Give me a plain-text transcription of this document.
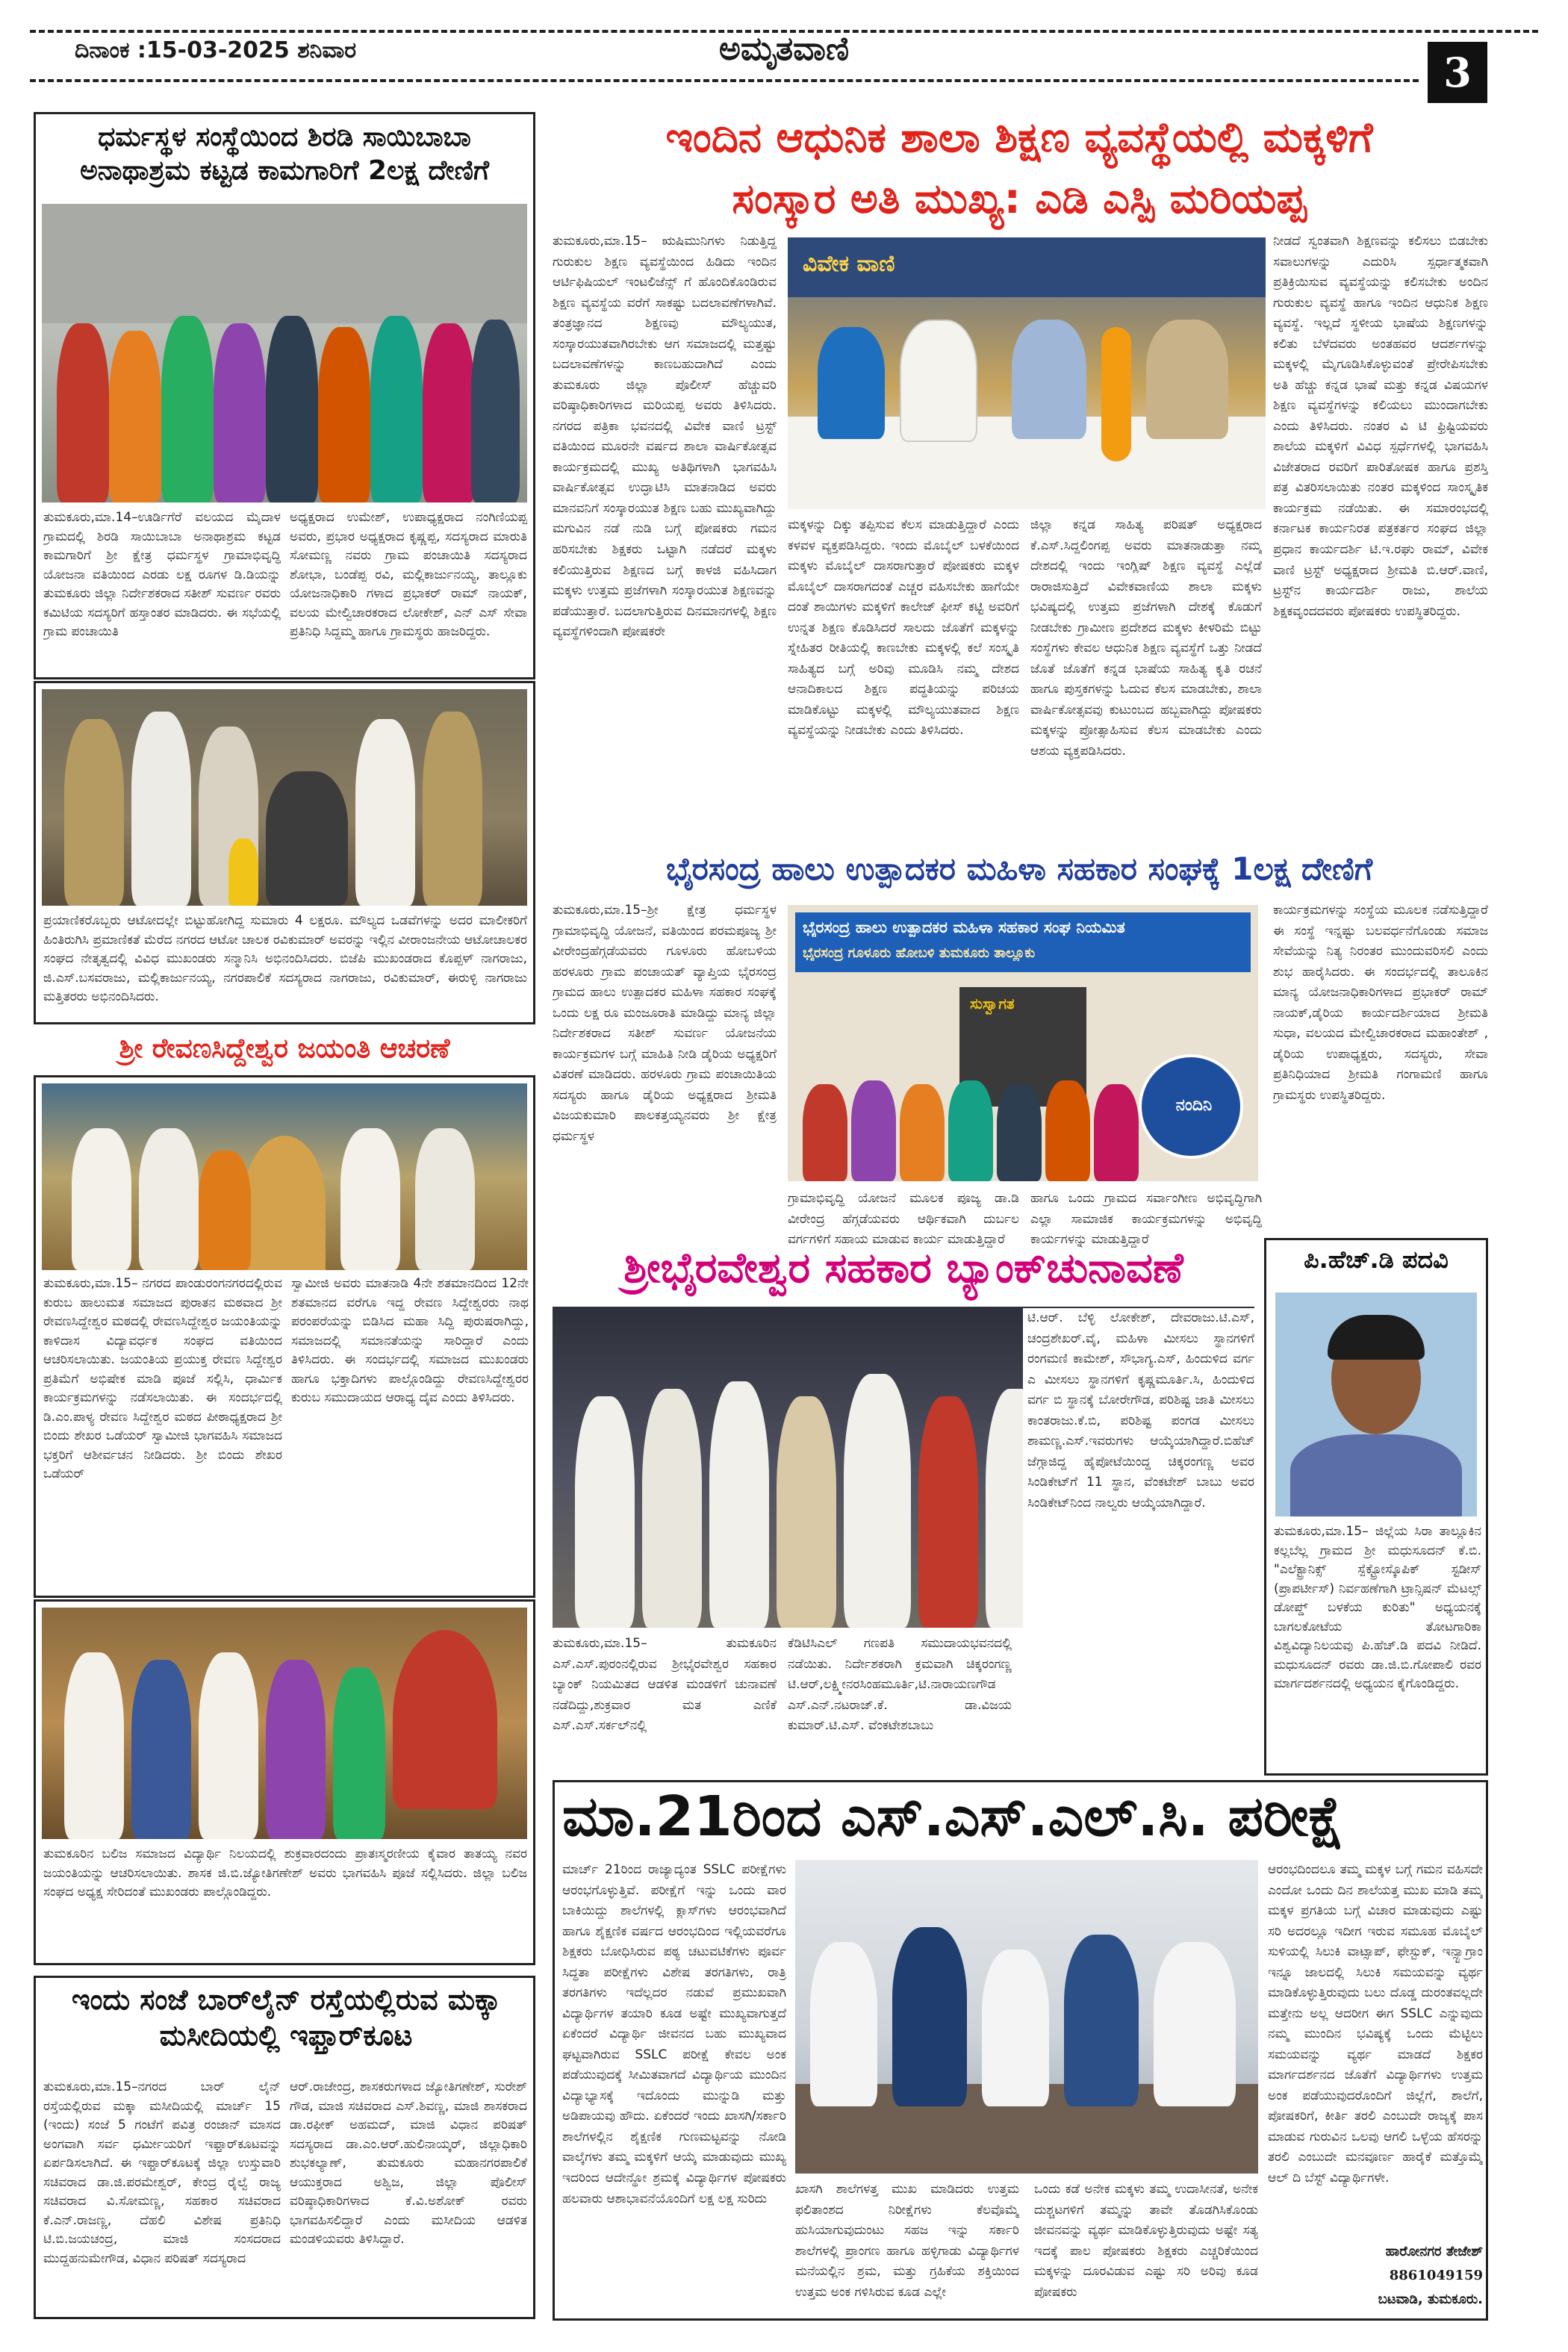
ದಿನಾಂಕ :15-03-2025 ಶನಿವಾರ	ಅಮೃತವಾಣಿ	3
ಧರ್ಮಸ್ಥಳ ಸಂಸ್ಥೆಯಿಂದ ಶಿರಡಿ ಸಾಯಿಬಾಬಾ ಅನಾಥಾಶ್ರಮ ಕಟ್ಟಡ ಕಾಮಗಾರಿಗೆ 2ಲಕ್ಷ ದೇಣಿಗೆ
ತುಮಕೂರು,ಮಾ.14–ಊರ್ಡಿಗೆರೆ ವಲಯದ ಮೈದಾಳ ಗ್ರಾಮದಲ್ಲಿ ಶಿರಡಿ ಸಾಯಿಬಾಬಾ ಅನಾಥಾಶ್ರಮ ಕಟ್ಟಡ ಕಾಮಗಾರಿಗೆ ಶ್ರೀ ಕ್ಷೇತ್ರ ಧರ್ಮಸ್ಥಳ ಗ್ರಾಮಾಭಿವೃದ್ಧಿ ಯೋಜನಾ ವತಿಯಿಂದ ಎರಡು ಲಕ್ಷ ರೂಗಳ ಡಿ.ಡಿಯನ್ನು ತುಮಕೂರು ಜಿಲ್ಲಾ ನಿರ್ದೇಶಕರಾದ ಸತೀಶ್ ಸುವರ್ಣ ರವರು ಕಮಿಟಿಯ ಸದಸ್ಯರಿಗೆ ಹಸ್ತಾಂತರ ಮಾಡಿದರು. ಈ ಸಭೆಯಲ್ಲಿ ಗ್ರಾಮ ಪಂಚಾಯಿತಿ
ಅಧ್ಯಕ್ಷರಾದ ಉಮೇಶ್, ಉಪಾಧ್ಯಕ್ಷರಾದ ನಂಗಿಣಿಯಪ್ಪ ಅವರು, ಪ್ರಭಾರ ಅಧ್ಯಕ್ಷರಾದ ಕೃಷ್ಣಪ್ಪ, ಸದಸ್ಯರಾದ ಮಾರುತಿ ಸೋಮಣ್ಣ ನವರು ಗ್ರಾಮ ಪಂಚಾಯಿತಿ ಸದಸ್ಯರಾದ ಶೋಭಾ, ಬಂಡೆಪ್ಪ ರವಿ, ಮಲ್ಲಿಕಾರ್ಜುನಯ್ಯ, ತಾಲ್ಲೂಕು ಯೋಜನಾಧಿಕಾರಿ ಗಳಾದ ಪ್ರಭಾಕರ್ ರಾಮ್ ನಾಯಕ್, ವಲಯ ಮೇಲ್ವಿಚಾರಕರಾದ ಲೋಕೇಶ್, ಎನ್ ಎಸ್ ಸೇವಾ ಪ್ರತಿನಿಧಿ ಸಿದ್ದಮ್ಮ ಹಾಗೂ ಗ್ರಾಮಸ್ಥರು ಹಾಜರಿದ್ದರು.
ಪ್ರಯಾಣಿಕರೊಬ್ಬರು ಆಟೋದಲ್ಲೇ ಬಿಟ್ಟುಹೋಗಿದ್ದ ಸುಮಾರು 4 ಲಕ್ಷರೂ. ಮೌಲ್ಯದ ಒಡವೆಗಳನ್ನು ಅದರ ಮಾಲೀಕರಿಗೆ ಹಿಂತಿರುಗಿಸಿ ಪ್ರಮಾಣಿಕತೆ ಮೆರೆದ ನಗರದ ಆಟೋ ಚಾಲಕ ರವಿಕುಮಾರ್ ಅವರನ್ನು ಇಲ್ಲಿನ ವೀರಾಂಜನೇಯ ಆಟೋಚಾಲಕರ ಸಂಘದ ನೇತೃತ್ವದಲ್ಲಿ ವಿವಿಧ ಮುಖಂಡರು ಸನ್ಮಾನಿಸಿ ಅಭಿನಂದಿಸಿದರು. ಬಿಜೆಪಿ ಮುಖಂಡರಾದ ಕೊಪ್ಪಳ್ ನಾಗರಾಜು, ಜಿ.ಎಸ್.ಬಸವರಾಜು, ಮಲ್ಲಿಕಾರ್ಜುನಯ್ಯ, ನಗರಪಾಲಿಕೆ ಸದಸ್ಯರಾದ ನಾಗರಾಜು, ರವಿಕುಮಾರ್, ಈರುಳ್ಳಿ ನಾಗರಾಜು ಮತ್ತಿತರರು ಅಭಿನಂದಿಸಿದರು.
ಶ್ರೀ ರೇವಣಸಿದ್ದೇಶ್ವರ ಜಯಂತಿ ಆಚರಣೆ
ತುಮಕೂರು,ಮಾ.15– ನಗರದ ಪಾಂಡುರಂಗನಗರದಲ್ಲಿರುವ ಕುರುಬ ಹಾಲುಮತ ಸಮಾಜದ ಪುರಾತನ ಮಠವಾದ ಶ್ರೀ ರೇವಣಸಿದ್ದೇಶ್ವರ ಮಠದಲ್ಲಿ ರೇವಣಸಿದ್ದೇಶ್ವರ ಜಯಂತಿಯನ್ನು ಕಾಳಿದಾಸ ವಿದ್ಯಾವರ್ಧಕ ಸಂಘದ ವತಿಯಿಂದ ಆಚರಿಸಲಾಯಿತು. ಜಯಂತಿಯ ಪ್ರಯುಕ್ತ ರೇವಣ ಸಿದ್ದೇಶ್ವರ ಪ್ರತಿಮೆಗೆ ಅಭಿಷೇಕ ಮಾಡಿ ಪೂಜೆ ಸಲ್ಲಿಸಿ, ಧಾರ್ಮಿಕ ಕಾರ್ಯಕ್ರಮಗಳನ್ನು ನಡೆಸಲಾಯಿತು. ಈ ಸಂದರ್ಭದಲ್ಲಿ ಡಿ.ಎಂ.ಪಾಳ್ಯ ರೇವಣ ಸಿದ್ದೇಶ್ವರ ಮಠದ ಪೀಠಾಧ್ಯಕ್ಷರಾದ ಶ್ರೀ ಬಿಂದು ಶೇಖರ ಒಡೆಯರ್ ಸ್ವಾಮೀಜಿ ಭಾಗವಹಿಸಿ ಸಮಾಜದ ಭಕ್ತರಿಗೆ ಆಶೀರ್ವಚನ ನೀಡಿದರು. ಶ್ರೀ ಬಿಂದು ಶೇಖರ ಒಡೆಯರ್
ಸ್ವಾಮೀಜಿ ಅವರು ಮಾತನಾಡಿ 4ನೇ ಶತಮಾನದಿಂದ 12ನೇ ಶತಮಾನದ ವರೆಗೂ ಇದ್ದ ರೇವಣ ಸಿದ್ದೇಶ್ವರರು ನಾಥ ಪರಂಪರೆಯನ್ನು ಬಿಡಿಸಿದ ಮಹಾ ಸಿದ್ದಿ ಪುರುಷರಾಗಿದ್ದು, ಸಮಾಜದಲ್ಲಿ ಸಮಾನತೆಯನ್ನು ಸಾರಿದ್ದಾರೆ ಎಂದು ತಿಳಿಸಿದರು. ಈ ಸಂದರ್ಭದಲ್ಲಿ ಸಮಾಜದ ಮುಖಂಡರು ಹಾಗೂ ಭಕ್ತಾದಿಗಳು ಪಾಲ್ಗೊಂಡಿದ್ದು ರೇವಣಸಿದ್ದೇಶ್ವರರ ಕುರುಬ ಸಮುದಾಯದ ಆರಾಧ್ಯ ದೈವ ಎಂದು ತಿಳಿಸಿದರು.
ತುಮಕೂರಿನ ಬಲಿಜ ಸಮಾಜದ ವಿದ್ಯಾರ್ಥಿ ನಿಲಯದಲ್ಲಿ ಶುಕ್ರವಾರದಂದು ಪ್ರಾತಃಸ್ಮರಣೀಯ ಕೈವಾರ ತಾತಯ್ಯ ನವರ ಜಯಂತಿಯನ್ನು ಆಚರಿಸಲಾಯಿತು. ಶಾಸಕ ಜಿ.ಬಿ.ಜ್ಯೋತಿಗಣೇಶ್ ಅವರು ಭಾಗವಹಿಸಿ ಪೂಜೆ ಸಲ್ಲಿಸಿದರು. ಜಿಲ್ಲಾ ಬಲಿಜ ಸಂಘದ ಅಧ್ಯಕ್ಷ ಸೇರಿದಂತೆ ಮುಖಂಡರು ಪಾಲ್ಗೊಂಡಿದ್ದರು.
ಇಂದು ಸಂಜೆ ಬಾರ್‌ಲೈನ್ ರಸ್ತೆಯಲ್ಲಿರುವ ಮಕ್ಕಾ ಮಸೀದಿಯಲ್ಲಿ ಇಫ್ತಾರ್‌ಕೂಟ
ತುಮಕೂರು,ಮಾ.15–ನಗರದ ಬಾರ್ ಲೈನ್ ರಸ್ತೆಯಲ್ಲಿರುವ ಮಕ್ಕಾ ಮಸೀದಿಯಲ್ಲಿ ಮಾರ್ಚ್ 15 (ಇಂದು) ಸಂಜೆ 5 ಗಂಟೆಗೆ ಪವಿತ್ರ ರಂಜಾನ್ ಮಾಸದ ಅಂಗವಾಗಿ ಸರ್ವ ಧರ್ಮೀಯರಿಗೆ ಇಫ್ತಾರ್‌ಕೂಟವನ್ನು ಏರ್ಪಡಿಸಲಾಗಿದೆ. ಈ ಇಫ್ತಾರ್‌ಕೂಟಕ್ಕೆ ಜಿಲ್ಲಾ ಉಸ್ತುವಾರಿ ಸಚಿವರಾದ ಡಾ.ಜಿ.ಪರಮೇಶ್ವರ್, ಕೇಂದ್ರ ರೈಲ್ವೆ ರಾಜ್ಯ ಸಚಿವರಾದ ವಿ.ಸೋಮಣ್ಣ, ಸಹಕಾರ ಸಚಿವರಾದ ಕೆ.ಎನ್.ರಾಜಣ್ಣ, ದೆಹಲಿ ವಿಶೇಷ ಪ್ರತಿನಿಧಿ ಟಿ.ಬಿ.ಜಯಚಂದ್ರ, ಮಾಜಿ ಸಂಸದರಾದ ಮುದ್ದಹನುಮೇಗೌಡ, ವಿಧಾನ ಪರಿಷತ್ ಸದಸ್ಯರಾದ
ಆರ್.ರಾಜೇಂದ್ರ, ಶಾಸಕರುಗಳಾದ ಜ್ಯೋತಿಗಣೇಶ್, ಸುರೇಶ್ ಗೌಡ, ಮಾಜಿ ಸಚಿವರಾದ ಎಸ್.ಶಿವಣ್ಣ, ಮಾಜಿ ಶಾಸಕರಾದ ಡಾ.ರಫೀಕ್ ಅಹಮದ್, ಮಾಜಿ ವಿಧಾನ ಪರಿಷತ್ ಸದಸ್ಯರಾದ ಡಾ.ಎಂ.ಆರ್.ಹುಲಿನಾಯ್ಕರ್, ಜಿಲ್ಲಾಧಿಕಾರಿ ಶುಭಕಲ್ಯಾಣ್, ತುಮಕೂರು ಮಹಾನಗರಪಾಲಿಕೆ ಆಯುಕ್ತರಾದ ಅಶ್ವಿಜ, ಜಿಲ್ಲಾ ಪೊಲೀಸ್ ವರಿಷ್ಠಾಧಿಕಾರಿಗಳಾದ ಕೆ.ವಿ.ಅಶೋಕ್ ರವರು ಭಾಗವಹಿಸಲಿದ್ದಾರೆ ಎಂದು ಮಸೀದಿಯ ಆಡಳಿತ ಮಂಡಳಿಯವರು ತಿಳಿಸಿದ್ದಾರೆ.
ಇಂದಿನ ಆಧುನಿಕ ಶಾಲಾ ಶಿಕ್ಷಣ ವ್ಯವಸ್ಥೆಯಲ್ಲಿ ಮಕ್ಕಳಿಗೆ
ಸಂಸ್ಕಾರ ಅತಿ ಮುಖ್ಯ: ಎಡಿ ಎಸ್ಪಿ ಮರಿಯಪ್ಪ
ತುಮಕೂರು,ಮಾ.15– ಋಷಿಮುನಿಗಳು ನಿಡುತ್ತಿದ್ದ ಗುರುಕುಲ ಶಿಕ್ಷಣ ವ್ಯವಸ್ಥೆಯಿಂದ ಹಿಡಿದು ಇಂದಿನ ಆರ್ಟಿಫಿಷಿಯಲ್ ಇಂಟಲಿಜೆನ್ಸ್ ಗೆ ಹೊಂದಿಕೊಂಡಿರುವ ಶಿಕ್ಷಣ ವ್ಯವಸ್ಥೆಯ ವರೆಗೆ ಸಾಕಷ್ಟು ಬದಲಾವಣೆಗಳಾಗಿವೆ. ತಂತ್ರಜ್ಞಾನದ ಶಿಕ್ಷಣವು ಮೌಲ್ಯಯುತ, ಸಂಸ್ಕಾರಯುತವಾಗಿರಬೇಕು ಆಗ ಸಮಾಜದಲ್ಲಿ ಮತ್ತಷ್ಟು ಬದಲಾವಣೆಗಳನ್ನು ಕಾಣಬಹುದಾಗಿದೆ ಎಂದು ತುಮಕೂರು ಜಿಲ್ಲಾ ಪೊಲೀಸ್ ಹೆಚ್ಚುವರಿ ವರಿಷ್ಠಾಧಿಕಾರಿಗಳಾದ ಮರಿಯಪ್ಪ ಅವರು ತಿಳಿಸಿದರು. ನಗರದ ಪತ್ರಿಕಾ ಭವನದಲ್ಲಿ ವಿವೇಕ ವಾಣಿ ಟ್ರಸ್ಟ್ ವತಿಯಿಂದ ಮೂರನೇ ವರ್ಷದ ಶಾಲಾ ವಾರ್ಷಿಕೋತ್ಸವ ಕಾರ್ಯಕ್ರಮದಲ್ಲಿ ಮುಖ್ಯ ಅತಿಥಿಗಳಾಗಿ ಭಾಗವಹಿಸಿ ವಾರ್ಷಿಕೋತ್ಸವ ಉದ್ಘಾಟಿಸಿ ಮಾತನಾಡಿದ ಅವರು ಮಾನವನಿಗೆ ಸಂಸ್ಕಾರಯುತ ಶಿಕ್ಷಣ ಬಹು ಮುಖ್ಯವಾಗಿದ್ದು ಮಗುವಿನ ನಡೆ ನುಡಿ ಬಗ್ಗೆ ಪೋಷಕರು ಗಮನ ಹರಿಸಬೇಕು ಶಿಕ್ಷಕರು ಒಟ್ಟಾಗಿ ನಡೆದರೆ ಮಕ್ಕಳು ಕಲಿಯುತ್ತಿರುವ ಶಿಕ್ಷಣದ ಬಗ್ಗೆ ಕಾಳಜಿ ವಹಿಸಿದಾಗ ಮಕ್ಕಳು ಉತ್ತಮ ಪ್ರಜೆಗಳಾಗಿ ಸಂಸ್ಕಾರಯುತ ಶಿಕ್ಷಣವನ್ನು ಪಡೆಯುತ್ತಾರೆ. ಬದಲಾಗುತ್ತಿರುವ ದಿನಮಾನಗಳಲ್ಲಿ ಶಿಕ್ಷಣ ವ್ಯವಸ್ಥೆಗಳಿಂದಾಗಿ ಪೋಷಕರೇ
ವಿವೇಕ ವಾಣಿ
ಮಕ್ಕಳನ್ನು ದಿಕ್ಕು ತಪ್ಪಿಸುವ ಕೆಲಸ ಮಾಡುತ್ತಿದ್ದಾರೆ ಎಂದು ಕಳವಳ ವ್ಯಕ್ತಪಡಿಸಿದ್ದರು. ಇಂದು ಮೊಬೈಲ್ ಬಳಕೆಯಿಂದ ಮಕ್ಕಳು ಮೊಬೈಲ್ ದಾಸರಾಗುತ್ತಾರೆ ಪೋಷಕರು ಮಕ್ಕಳ ಮೊಬೈಲ್ ದಾಸರಾಗದಂತೆ ಎಚ್ಚರ ವಹಿಸಬೇಕು ಹಾಗೆಯೇ ದಂತೆ ಶಾಯಿಗಳು ಮಕ್ಕಳಿಗೆ ಕಾಲೇಜ್ ಫೀಸ್ ಕಟ್ಟಿ ಅವರಿಗೆ ಉನ್ನತ ಶಿಕ್ಷಣ ಕೊಡಿಸಿದರೆ ಸಾಲದು ಜೊತೆಗೆ ಮಕ್ಕಳನ್ನು ಸ್ನೇಹಿತರ ರೀತಿಯಲ್ಲಿ ಕಾಣಬೇಕು ಮಕ್ಕಳಲ್ಲಿ ಕಲೆ ಸಂಸ್ಕೃತಿ ಸಾಹಿತ್ಯದ ಬಗ್ಗೆ ಅರಿವು ಮೂಡಿಸಿ ನಮ್ಮ ದೇಶದ ಆನಾದಿಕಾಲದ ಶಿಕ್ಷಣ ಪದ್ಧತಿಯನ್ನು ಪರಿಚಯ ಮಾಡಿಕೊಟ್ಟು ಮಕ್ಕಳಲ್ಲಿ ಮೌಲ್ಯಯುತವಾದ ಶಿಕ್ಷಣ ವ್ಯವಸ್ಥೆಯನ್ನು ನೀಡಬೇಕು ಎಂದು ತಿಳಿಸಿದರು.
ಜಿಲ್ಲಾ ಕನ್ನಡ ಸಾಹಿತ್ಯ ಪರಿಷತ್ ಅಧ್ಯಕ್ಷರಾದ ಕೆ.ಎಸ್.ಸಿದ್ದಲಿಂಗಪ್ಪ ಅವರು ಮಾತನಾಡುತ್ತಾ ನಮ್ಮ ದೇಶದಲ್ಲಿ ಇಂದು ಇಂಗ್ಲಿಷ್ ಶಿಕ್ಷಣ ವ್ಯವಸ್ಥೆ ಎಲ್ಲೆಡೆ ರಾರಾಜಿಸುತ್ತಿದೆ ವಿವೇಕವಾಣಿಯ ಶಾಲಾ ಮಕ್ಕಳು ಭವಿಷ್ಯದಲ್ಲಿ ಉತ್ತಮ ಪ್ರಜೆಗಳಾಗಿ ದೇಶಕ್ಕೆ ಕೊಡುಗೆ ನೀಡಬೇಕು ಗ್ರಾಮೀಣ ಪ್ರದೇಶದ ಮಕ್ಕಳು ಕೀಳರಿಮೆ ಬಿಟ್ಟು ಸಂಸ್ಥೆಗಳು ಕೇವಲ ಆಧುನಿಕ ಶಿಕ್ಷಣ ವ್ಯವಸ್ಥೆಗೆ ಒತ್ತು ನೀಡದೆ ಜೊತೆ ಜೊತೆಗೆ ಕನ್ನಡ ಭಾಷೆಯ ಸಾಹಿತ್ಯ ಕೃತಿ ರಚನೆ ಹಾಗೂ ಪುಸ್ತಕಗಳನ್ನು ಓದುವ ಕೆಲಸ ಮಾಡಬೇಕು, ಶಾಲಾ ವಾರ್ಷಿಕೋತ್ಸವವು ಕುಟುಂಬದ ಹಬ್ಬವಾಗಿದ್ದು ಪೋಷಕರು ಮಕ್ಕಳನ್ನು ಪ್ರೋತ್ಸಾಹಿಸುವ ಕೆಲಸ ಮಾಡಬೇಕು ಎಂದು ಆಶಯ ವ್ಯಕ್ತಪಡಿಸಿದರು.
ನೀಡದೆ ಸ್ವಂತವಾಗಿ ಶಿಕ್ಷಣವನ್ನು ಕಲಿಸಲು ಬಿಡಬೇಕು ಸವಾಲುಗಳನ್ನು ಎದುರಿಸಿ ಸ್ಪರ್ಧಾತ್ಮಕವಾಗಿ ಪ್ರತಿಕ್ರಿಯಿಸುವ ವ್ಯವಸ್ಥೆಯನ್ನು ಕಲಿಸಬೇಕು ಅಂದಿನ ಗುರುಕುಲ ವ್ಯವಸ್ಥೆ ಹಾಗೂ ಇಂದಿನ ಆಧುನಿಕ ಶಿಕ್ಷಣ ವ್ಯವಸ್ಥೆ. ಇಲ್ಲದೆ ಸ್ಥಳೀಯ ಭಾಷೆಯ ಶಿಕ್ಷಣಗಳನ್ನು ಕಲಿತು ಬೆಳೆದವರು ಅಂತಹವರ ಆದರ್ಶಗಳನ್ನು ಮಕ್ಕಳಲ್ಲಿ ಮೈಗೂಡಿಸಿಕೊಳ್ಳುವಂತೆ ಪ್ರೇರೇಪಿಸಬೇಕು ಅತಿ ಹೆಚ್ಚು ಕನ್ನಡ ಭಾಷೆ ಮತ್ತು ಕನ್ನಡ ವಿಷಯಗಳ ಶಿಕ್ಷಣ ವ್ಯವಸ್ಥೆಗಳನ್ನು ಕಲಿಯಲು ಮುಂದಾಗಬೇಕು ಎಂದು ತಿಳಿಸಿದರು. ನಂತರ ವಿ ಟಿ ಫ್ರಿಷ್ಟಿಯವರು ಶಾಲೆಯ ಮಕ್ಕಳಿಗೆ ವಿವಿಧ ಸ್ಪರ್ಧೆಗಳಲ್ಲಿ ಭಾಗವಹಿಸಿ ವಿಜೇತರಾದ ರವರಿಗೆ ಪಾರಿತೋಷಕ ಹಾಗೂ ಪ್ರಶಸ್ತಿ ಪತ್ರ ವಿತರಿಸಲಾಯಿತು ನಂತರ ಮಕ್ಕಳಿಂದ ಸಾಂಸ್ಕೃತಿಕ ಕಾರ್ಯಕ್ರಮ ನಡೆಯಿತು. ಈ ಸಮಾರಂಭದಲ್ಲಿ ಕರ್ನಾಟಕ ಕಾರ್ಯನಿರತ ಪತ್ರಕರ್ತರ ಸಂಘದ ಜಿಲ್ಲಾ ಪ್ರಧಾನ ಕಾರ್ಯದರ್ಶಿ ಟಿ.ಇ.ರಘು ರಾಮ್, ವಿವೇಕ ವಾಣಿ ಟ್ರಸ್ಟ್ ಅಧ್ಯಕ್ಷರಾದ ಶ್ರೀಮತಿ ಬಿ.ಆರ್.ವಾಣಿ, ಟ್ರಸ್ಟ್‌ನ ಕಾರ್ಯದರ್ಶಿ ರಾಜು, ಶಾಲೆಯ ಶಿಕ್ಷಕವೃಂದದವರು ಪೋಷಕರು ಉಪಸ್ಥಿತರಿದ್ದರು.
ಭೈರಸಂದ್ರ ಹಾಲು ಉತ್ಪಾದಕರ ಮಹಿಳಾ ಸಹಕಾರ ಸಂಘಕ್ಕೆ 1ಲಕ್ಷ ದೇಣಿಗೆ
ತುಮಕೂರು,ಮಾ.15–ಶ್ರೀ ಕ್ಷೇತ್ರ ಧರ್ಮಸ್ಥಳ ಗ್ರಾಮಾಭಿವೃದ್ಧಿ ಯೋಜನೆ, ವತಿಯಿಂದ ಪರಮಪೂಜ್ಯ ಶ್ರೀ ವೀರೇಂದ್ರಹೆಗ್ಗಡೆಯವರು ಗೂಳೂರು ಹೋಬಳಿಯ ಹರಳೂರು ಗ್ರಾಮ ಪಂಚಾಯತ್ ವ್ಯಾಪ್ತಿಯ ಭೈರಸಂದ್ರ ಗ್ರಾಮದ ಹಾಲು ಉತ್ಪಾದಕರ ಮಹಿಳಾ ಸಹಕಾರ ಸಂಘಕ್ಕೆ ಒಂದು ಲಕ್ಷ ರೂ ಮಂಜೂರಾತಿ ಮಾಡಿದ್ದು ಮಾನ್ಯ ಜಿಲ್ಲಾ ನಿರ್ದೇಶಕರಾದ ಸತೀಶ್ ಸುವರ್ಣ ಯೋಜನೆಯ ಕಾರ್ಯಕ್ರಮಗಳ ಬಗ್ಗೆ ಮಾಹಿತಿ ನೀಡಿ ಡೈರಿಯ ಅಧ್ಯಕ್ಷರಿಗೆ ವಿತರಣೆ ಮಾಡಿದರು. ಹರಳೂರು ಗ್ರಾಮ ಪಂಚಾಯಿತಿಯ ಸದಸ್ಯರು ಹಾಗೂ ಡೈರಿಯ ಅಧ್ಯಕ್ಷರಾದ ಶ್ರೀಮತಿ ವಿಜಯಕುಮಾರಿ ಪಾಲಕತ್ತಯ್ಯನವರು ಶ್ರೀ ಕ್ಷೇತ್ರ ಧರ್ಮಸ್ಥಳ
ಭೈರಸಂದ್ರ ಹಾಲು ಉತ್ಪಾದಕರ ಮಹಿಳಾ ಸಹಕಾರ ಸಂಘ ನಿಯಮಿತ
ಭೈರಸಂದ್ರ ಗೂಳೂರು ಹೋಬಳಿ ತುಮಕೂರು ತಾಲ್ಲೂಕು
ಸುಸ್ವಾಗತ
ನಂದಿನಿ
ಗ್ರಾಮಾಭಿವೃದ್ಧಿ ಯೋಜನೆ ಮೂಲಕ ಪೂಜ್ಯ ಡಾ.ಡಿ ವೀರೇಂದ್ರ ಹೆಗ್ಗಡೆಯವರು ಆರ್ಥಿಕವಾಗಿ ದುರ್ಬಲ ವರ್ಗಗಳಿಗೆ ಸಹಾಯ ಮಾಡುವ ಕಾರ್ಯ ಮಾಡುತ್ತಿದ್ದಾರೆ
ಹಾಗೂ ಒಂದು ಗ್ರಾಮದ ಸರ್ವಾಂಗೀಣ ಅಭಿವೃದ್ಧಿಗಾಗಿ ಎಲ್ಲಾ ಸಾಮಾಜಿಕ ಕಾರ್ಯಕ್ರಮಗಳನ್ನು ಅಭಿವೃದ್ಧಿ ಕಾರ್ಯಗಳನ್ನು ಮಾಡುತ್ತಿದ್ದಾರೆ
ಕಾರ್ಯಕ್ರಮಗಳನ್ನು ಸಂಸ್ಥೆಯ ಮೂಲಕ ನಡೆಸುತ್ತಿದ್ದಾರೆ ಈ ಸಂಸ್ಥೆ ಇನ್ನಷ್ಟು ಬಲವರ್ಧನೆಗೊಂಡು ಸಮಾಜ ಸೇವೆಯನ್ನು ನಿತ್ಯ ನಿರಂತರ ಮುಂದುವರಿಸಲಿ ಎಂದು ಶುಭ ಹಾರೈಸಿದರು. ಈ ಸಂದರ್ಭದಲ್ಲಿ ತಾಲೂಕಿನ ಮಾನ್ಯ ಯೋಜನಾಧಿಕಾರಿಗಳಾದ ಪ್ರಭಾಕರ್ ರಾಮ್ ನಾಯಕ್,ಡೈರಿಯ ಕಾರ್ಯದರ್ಶಿಯಾದ ಶ್ರೀಮತಿ ಸುಧಾ, ವಲಯದ ಮೇಲ್ವಿಚಾರಕರಾದ ಮಹಾಂತೇಶ್ , ಡೈರಿಯ ಉಪಾಧ್ಯಕ್ಷರು, ಸದಸ್ಯರು, ಸೇವಾ ಪ್ರತಿನಿಧಿಯಾದ ಶ್ರೀಮತಿ ಗಂಗಾಮಣಿ ಹಾಗೂ ಗ್ರಾಮಸ್ಥರು ಉಪಸ್ಥಿತರಿದ್ದರು.
ಶ್ರೀಭೈರವೇಶ್ವರ ಸಹಕಾರ ಬ್ಯಾಂಕ್‌ಚುನಾವಣೆ
ತುಮಕೂರು,ಮಾ.15– ತುಮಕೂರಿನ ಎಸ್.ಎಸ್.ಪುರಂನಲ್ಲಿರುವ ಶ್ರೀಭೈರವೇಶ್ವರ ಸಹಕಾರ ಬ್ಯಾಂಕ್ ನಿಯಮಿತದ ಆಡಳಿತ ಮಂಡಳಿಗೆ ಚುನಾವಣೆ ನಡೆದಿದ್ದು,ಶುಕ್ರವಾರ ಮತ ಎಣಿಕೆ ಎಸ್.ಎಸ್.ಸರ್ಕಲ್‌ನಲ್ಲಿ
ಕೆಡಿಟಿಸಿಎಲ್ ಗಣಪತಿ ಸಮುದಾಯಭವನದಲ್ಲಿ ನಡೆಯಿತು. ನಿರ್ದೇಶಕರಾಗಿ ಕ್ರಮವಾಗಿ ಚಿಕ್ಕರಂಗಣ್ಣ ಟಿ.ಆರ್,ಲಕ್ಷ್ಮೀನರಸಿಂಹಮೂರ್ತಿ,ಟಿ.ನಾರಾಯಣಗೌಡ ಎಸ್.ಎನ್.ನಟರಾಜ್.ಕೆ. ಡಾ.ವಿಜಯ ಕುಮಾರ್.ಟಿ.ಎಸ್. ವೆಂಕಟೇಶಬಾಬು
ಟಿ.ಆರ್. ಬೆಳ್ಳಿ ಲೋಕೇಶ್, ದೇವರಾಜು.ಟಿ.ಎಸ್, ಚಂದ್ರಶೇಖರ್.ವೈ, ಮಹಿಳಾ ಮೀಸಲು ಸ್ಥಾನಗಳಿಗೆ ರಂಗಮಣಿ ಕಾಮೇಶ್, ಸೌಭಾಗ್ಯ.ಎಸ್, ಹಿಂದುಳಿದ ವರ್ಗ ಎ ಮೀಸಲು ಸ್ಥಾನಗಳಿಗೆ ಕೃಷ್ಣಮೂರ್ತಿ.ಸಿ, ಹಿಂದುಳಿದ ವರ್ಗ ಬಿ ಸ್ಥಾನಕ್ಕೆ ಬೋರೇಗೌಡ, ಪರಿಶಿಷ್ಟ ಜಾತಿ ಮೀಸಲು ಕಾಂತರಾಜು.ಕೆ.ಬಿ, ಪರಿಶಿಷ್ಟ ಪಂಗಡ ಮೀಸಲು ಶಾಮಣ್ಣ.ಎಸ್.ಇವರುಗಳು ಆಯ್ಕೆಯಾಗಿದ್ದಾರೆ.ಬಿಹೆಚ್ ಜೆಗ್ಗಾಜಿದ್ದ ಹೈಪೋಟೆಯಿಂದ್ದ ಚಿಕ್ಕರಂಗಣ್ಣ ಅವರ ಸಿಂಡಿಕೇಟ್‌ಗೆ 11 ಸ್ಥಾನ, ವೆಂಕಟೇಶ್ ಬಾಬು ಅವರ ಸಿಂಡಿಕೇಟ್‌ನಿಂದ ನಾಲ್ವರು ಆಯ್ಕೆಯಾಗಿದ್ದಾರೆ.
ಪಿ.ಹೆಚ್.ಡಿ ಪದವಿ
ತುಮಕೂರು,ಮಾ.15– ಜಿಲ್ಲೆಯ ಸಿರಾ ತಾಲ್ಲೂಕಿನ ಕಲ್ಲಬೆಲ್ಲ ಗ್ರಾಮದ ಶ್ರೀ ಮಧುಸೂದನ್ ಕೆ.ಬಿ. "ಎಲೆಕ್ಟ್ರಾನಿಕ್ಸ್ ಸ್ಪೆಕ್ಟ್ರೋಸ್ಕೊಪಿಕ್ ಸ್ಟಡೀಸ್ (ಪ್ರಾಪರ್ಟೀಸ್) ನಿರ್ವಹಣೆಗಾಗಿ ಟ್ರಾನ್ಸಿಷನ್ ಮೆಟಲ್ಸ್ ಡೋಪ್ಡ್ ಬಳಕೆಯ ಕುರಿತು" ಅಧ್ಯಯನಕ್ಕೆ ಬಾಗಲಕೋಟೆಯ ತೋಟಗಾರಿಕಾ ವಿಶ್ವವಿದ್ಯಾನಿಲಯವು ಪಿ.ಹೆಚ್.ಡಿ ಪದವಿ ನೀಡಿದೆ. ಮಧುಸೂದನ್ ರವರು ಡಾ.ಜಿ.ಬಿ.ಗೋಪಾಲಿ ರವರ ಮಾರ್ಗದರ್ಶನದಲ್ಲಿ ಅಧ್ಯಯನ ಕೈಗೊಂಡಿದ್ದರು.
ಮಾ.21ರಿಂದ ಎಸ್.ಎಸ್.ಎಲ್.ಸಿ. ಪರೀಕ್ಷೆ
ಮಾರ್ಚ್ 21ರಿಂದ ರಾಜ್ಯಾದ್ಯಂತ SSLC ಪರೀಕ್ಷೆಗಳು ಆರಂಭಗೊಳ್ಳುತ್ತಿವೆ. ಪರೀಕ್ಷೆಗೆ ಇನ್ನು ಒಂದು ವಾರ ಬಾಕಿಯಿದ್ದು ಶಾಲೆಗಳಲ್ಲಿ ಕ್ಲಾಸ್‌ಗಳು ಆರಂಭವಾಗಿದೆ ಹಾಗೂ ಶೈಕ್ಷಣಿಕ ವರ್ಷದ ಆರಂಭದಿಂದ ಇಲ್ಲಿಯವರೆಗೂ ಶಿಕ್ಷಕರು ಬೋಧಿಸಿರುವ ಪಠ್ಯ ಚಟುವಟಿಕೆಗಳು ಪೂರ್ವ ಸಿದ್ಧತಾ ಪರೀಕ್ಷೆಗಳು ವಿಶೇಷ ತರಗತಿಗಳು, ರಾತ್ರಿ ತರಗತಿಗಳು ಇದೆಲ್ಲದರ ನಡುವೆ ಪ್ರಮುಖವಾಗಿ ವಿದ್ಯಾರ್ಥಿಗಳ ತಯಾರಿ ಕೂಡ ಅಷ್ಟೇ ಮುಖ್ಯವಾಗುತ್ತದೆ ಏಕೆಂದರೆ ವಿದ್ಯಾರ್ಥಿ ಜೀವನದ ಬಹು ಮುಖ್ಯವಾದ ಘಟ್ಟವಾಗಿರುವ SSLC ಪರೀಕ್ಷೆ ಕೇವಲ ಅಂಕ ಪಡೆಯುವುದಕ್ಕೆ ಸೀಮಿತವಾಗದೆ ವಿದ್ಯಾರ್ಥಿಯ ಮುಂದಿನ ವಿದ್ಯಾಭ್ಯಾಸಕ್ಕೆ ಇದೊಂದು ಮುನ್ನುಡಿ ಮತ್ತು ಅಡಿಪಾಯವು ಹೌದು. ಏಕೆಂದರೆ ಇಂದು ಖಾಸಗಿ/ಸರ್ಕಾರಿ ಶಾಲೆಗಳಲ್ಲಿನ ಶೈಕ್ಷಣಿಕ ಗುಣಮಟ್ಟವನ್ನು ನೋಡಿ ವಾಲ್ಕೆಗಳು ತಮ್ಮ ಮಕ್ಕಳಿಗೆ ಆಯ್ಕೆ ಮಾಡುವುದು ಮುಖ್ಯ ಇದರಿಂದ ಆದೇನ್ಥೋ ಶ್ರಮಕ್ಕೆ ವಿದ್ಯಾರ್ಥಿಗಳ ಪೋಷಕರು ಹಲವಾರು ಆಶಾಭಾವನೆಯೊಂದಿಗೆ ಲಕ್ಷ ಲಕ್ಷ ಸುರಿದು
ಖಾಸಗಿ ಶಾಲೆಗಳತ್ತ ಮುಖ ಮಾಡಿದರು ಉತ್ತಮ ಫಲಿತಾಂಶದ ನಿರೀಕ್ಷೆಗಳು ಕೆಲವೊಮ್ಮೆ ಹುಸಿಯಾಗುವುದುಂಟು ಸಹಜ ಇನ್ನು ಸರ್ಕಾರಿ ಶಾಲೆಗಳಲ್ಲಿ ಪ್ರಾಂಗಣ ಹಾಗೂ ಹಳ್ಳಿಗಾಡು ವಿದ್ಯಾರ್ಥಿಗಳ ಮನೆಯಲ್ಲಿನ ಶ್ರಮ, ಮತ್ತು ಗ್ರಹಿಕೆಯ ಶಕ್ತಿಯಿಂದ ಉತ್ತಮ ಅಂಕ ಗಳಿಸಿರುವ ಕೂಡ ಎಲ್ಲೇ
ಒಂದು ಕಡೆ ಅನೇಕ ಮಕ್ಕಳು ತಮ್ಮ ಉದಾಸೀನತೆ, ಅನೇಕ ದುಶ್ಚಟಗಳಿಗೆ ತಮ್ಮನ್ನು ತಾವೇ ತೊಡಗಿಸಿಕೊಂಡು ಜೀವನವನ್ನು ವ್ಯರ್ಥ ಮಾಡಿಕೊಳ್ಳುತ್ತಿರುವುದು ಅಷ್ಟೇ ಸತ್ಯ ಇದಕ್ಕೆ ಪಾಲ ಪೋಷಕರು ಶಿಕ್ಷಕರು ಎಚ್ಚರಿಕೆಯಿಂದ ಮಕ್ಕಳನ್ನು ದೂರವಿಡುವ ಎಷ್ಟು ಸರಿ ಅರಿವು ಕೂಡ ಪೋಷಕರು
ಆರಂಭದಿಂದಲೂ ತಮ್ಮ ಮಕ್ಕಳ ಬಗ್ಗೆ ಗಮನ ವಹಿಸದೇ ಎಂದೋ ಒಂದು ದಿನ ಶಾಲೆಯತ್ತ ಮುಖ ಮಾಡಿ ತಮ್ಮ ಮಕ್ಕಳ ಪ್ರಗತಿಯ ಬಗ್ಗೆ ವಿಚಾರ ಮಾಡುವುದು ಎಷ್ಟು ಸರಿ ಅದರಲ್ಲೂ ಇದೀಗ ಇರುವ ಸಮೂಹ ಮೊಬೈಲ್ ಸುಳಿಯಲ್ಲಿ ಸಿಲುಕಿ ವಾಟ್ಸಾಪ್, ಫೇಸ್ಬುಕ್, ಇನ್ಸ್ಟಾಗ್ರಾಂ ಇನ್ನೂ ಜಾಲದಲ್ಲಿ ಸಿಲುಕಿ ಸಮಯವನ್ನು ವ್ಯರ್ಥ ಮಾಡಿಕೊಳ್ಳುತ್ತಿರುವುದು ಬಲು ದೊಡ್ಡ ದುರಂತವಲ್ಲದೇ ಮತ್ತೇನು ಅಲ್ಲ ಆದರೀಗ ಈಗ SSLC ಎನ್ನುವುದು ನಮ್ಮ ಮುಂದಿನ ಭವಿಷ್ಯಕ್ಕೆ ಒಂದು ಮೆಟ್ಟಿಲು ಸಮಯವನ್ನು ವ್ಯರ್ಥ ಮಾಡದೆ ಶಿಕ್ಷಕರ ಮಾರ್ಗದರ್ಶನದ ಜೊತೆಗೆ ವಿದ್ಯಾರ್ಥಿಗಳು ಉತ್ತಮ ಅಂಕ ಪಡೆಯುವುದರೊಂದಿಗೆ ಜಿಲ್ಲೆಗೆ, ಶಾಲೆಗೆ, ಪೋಷಕರಿಗೆ, ಕೀರ್ತಿ ತರಲಿ ಎಂಬುದೇ ರಾಜ್ಯಕ್ಕೆ ಪಾಸ ಮಾಡುವ ಗುರುವಿನ ಒಲವು ಆಗಲಿ ಒಳ್ಳೆಯ ಹೆಸರನ್ನು ತರಲಿ ಎಂಬುದೇ ಮನವೂರ್ಣ ಹಾರೈಕೆ ಮತ್ತೊಮ್ಮೆ ಆಲ್ ದಿ ಬೆಸ್ಟ್ ವಿದ್ಯಾರ್ಥಿಗಳೇ.
ಹಾರೋನಗರ ತೇಜೇಶ್
8861049159
ಬಟವಾಡಿ, ತುಮಕೂರು.
